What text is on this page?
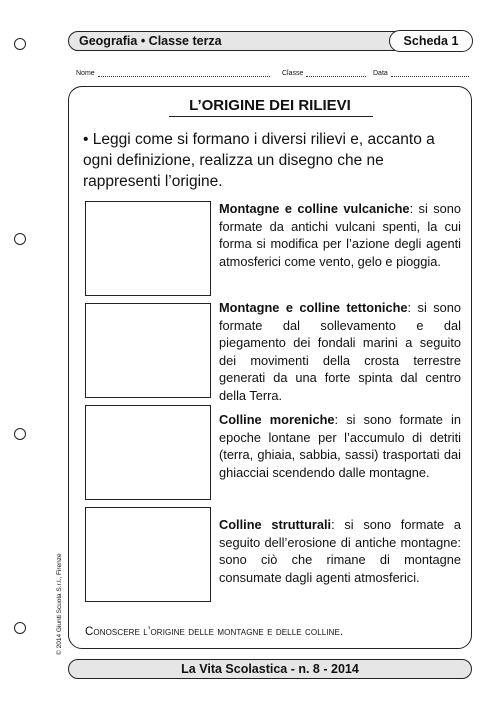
Geografia • Classe terza	Scheda 1
Nome	Classe	Data
L’ORIGINE DEI RILIEVI
• Leggi come si formano i diversi rilievi e, accanto a ogni definizione, realizza un disegno che ne rappresenti l’origine.
Montagne e colline vulcaniche: si sono formate da antichi vulcani spenti, la cui forma si modifica per l’azione degli agenti atmosferici come vento, gelo e pioggia.
Montagne e colline tettoniche: si sono formate dal sollevamento e dal piegamento dei fondali marini a seguito dei movimenti della crosta terrestre generati da una forte spinta dal centro della Terra.
Colline moreniche: si sono formate in epoche lontane per l’accumulo di detriti (terra, ghiaia, sabbia, sassi) trasportati dai ghiacciai scendendo dalle montagne.
Colline strutturali: si sono formate a seguito dell’erosione di antiche montagne: sono ciò che rimane di montagne consumate dagli agenti atmosferici.
Conoscere l’origine delle montagne e delle colline.
© 2014 Giunti Scuola S.r.l., Firenze
La Vita Scolastica - n. 8 - 2014
